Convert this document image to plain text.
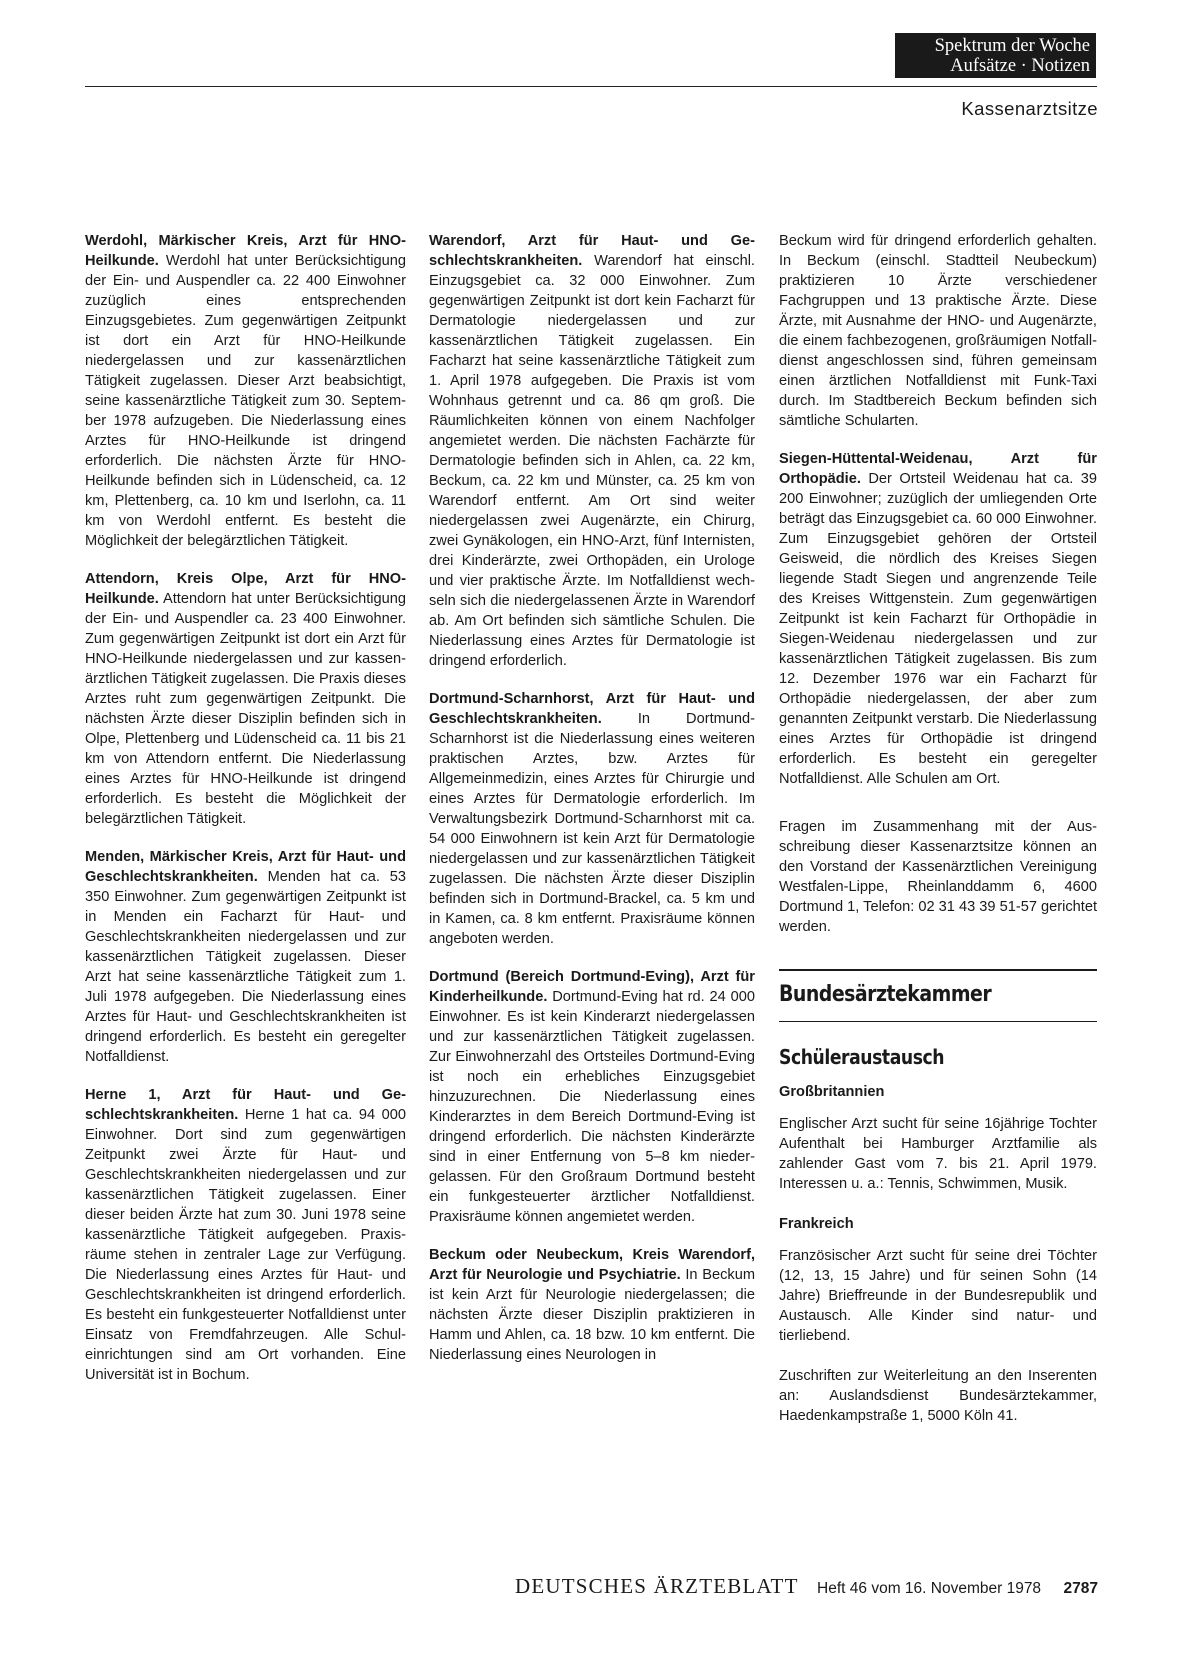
Spektrum der Woche
Aufsätze · Notizen
Kassenarztsitze

Werdohl, Märkischer Kreis, Arzt für HNO-Heilkunde. Werdohl hat unter Berücksichtigung der Ein- und Auspendler ca. 22 400 Einwohner zuzüglich eines entsprechenden Einzugsgebietes. Zum gegenwärtigen Zeitpunkt ist dort ein Arzt für HNO-Heilkunde niedergelassen und zur kassenärztlichen Tätigkeit zugelassen. Dieser Arzt beabsichtigt, seine kassenärztliche Tätigkeit zum 30. September 1978 aufzugeben. Die Niederlassung eines Arztes für HNO-Heilkunde ist dringend erforderlich. Die nächsten Ärzte für HNO-Heilkunde befinden sich in Lüdenscheid, ca. 12 km, Plettenberg, ca. 10 km und Iserlohn, ca. 11 km von Werdohl entfernt. Es besteht die Möglichkeit der belegärztlichen Tätigkeit.

Attendorn, Kreis Olpe, Arzt für HNO-Heilkunde. Attendorn hat unter Berücksichtigung der Ein- und Auspendler ca. 23 400 Einwohner. Zum gegenwärtigen Zeitpunkt ist dort ein Arzt für HNO-Heilkunde niedergelassen und zur kassenärztlichen Tätigkeit zugelassen. Die Praxis dieses Arztes ruht zum gegenwärtigen Zeitpunkt. Die nächsten Ärzte dieser Disziplin befinden sich in Olpe, Plettenberg und Lüdenscheid ca. 11 bis 21 km von Attendorn entfernt. Die Niederlassung eines Arztes für HNO-Heilkunde ist dringend erforderlich. Es besteht die Möglichkeit der belegärztlichen Tätigkeit.

Menden, Märkischer Kreis, Arzt für Haut- und Geschlechtskrankheiten. Menden hat ca. 53 350 Einwohner. Zum gegenwärtigen Zeitpunkt ist in Menden ein Facharzt für Haut- und Geschlechtskrankheiten niedergelassen und zur kassenärztlichen Tätigkeit zugelassen. Dieser Arzt hat seine kassenärztliche Tätigkeit zum 1. Juli 1978 aufgegeben. Die Niederlassung eines Arztes für Haut- und Geschlechtskrankheiten ist dringend erforderlich. Es besteht ein geregelter Notfalldienst.

Herne 1, Arzt für Haut- und Geschlechtskrankheiten. Herne 1 hat ca. 94 000 Einwohner. Dort sind zum gegenwärtigen Zeitpunkt zwei Ärzte für Haut- und Geschlechtskrankheiten niedergelassen und zur kassenärztlichen Tätigkeit zugelassen. Einer dieser beiden Ärzte hat zum 30. Juni 1978 seine kassenärztliche Tätigkeit aufgegeben. Praxisräume stehen in zentraler Lage zur Verfügung. Die Niederlassung eines Arztes für Haut- und Geschlechtskrankheiten ist dringend erforderlich. Es besteht ein funkgesteuerter Notfalldienst unter Einsatz von Fremdfahrzeugen. Alle Schuleinrichtungen sind am Ort vorhanden. Eine Universität ist in Bochum.

Warendorf, Arzt für Haut- und Geschlechtskrankheiten. Warendorf hat einschl. Einzugsgebiet ca. 32 000 Einwohner. Zum gegenwärtigen Zeitpunkt ist dort kein Facharzt für Dermatologie niedergelassen und zur kassenärztlichen Tätigkeit zugelassen. Ein Facharzt hat seine kassenärztliche Tätigkeit zum 1. April 1978 aufgegeben. Die Praxis ist vom Wohnhaus getrennt und ca. 86 qm groß. Die Räumlichkeiten können von einem Nachfolger angemietet werden. Die nächsten Fachärzte für Dermatologie befinden sich in Ahlen, ca. 22 km, Beckum, ca. 22 km und Münster, ca. 25 km von Warendorf entfernt. Am Ort sind weiter niedergelassen zwei Augenärzte, ein Chirurg, zwei Gynäkologen, ein HNO-Arzt, fünf Internisten, drei Kinderärzte, zwei Orthopäden, ein Urologe und vier praktische Ärzte. Im Notfalldienst wechseln sich die niedergelassenen Ärzte in Warendorf ab. Am Ort befinden sich sämtliche Schulen. Die Niederlassung eines Arztes für Dermatologie ist dringend erforderlich.

Dortmund-Scharnhorst, Arzt für Haut- und Geschlechtskrankheiten. In Dortmund-Scharnhorst ist die Niederlassung eines weiteren praktischen Arztes, bzw. Arztes für Allgemeinmedizin, eines Arztes für Chirurgie und eines Arztes für Dermatologie erforderlich. Im Verwaltungsbezirk Dortmund-Scharnhorst mit ca. 54 000 Einwohnern ist kein Arzt für Dermatologie niedergelassen und zur kassenärztlichen Tätigkeit zugelassen. Die nächsten Ärzte dieser Disziplin befinden sich in Dortmund-Brackel, ca. 5 km und in Kamen, ca. 8 km entfernt. Praxisräume können angeboten werden.

Dortmund (Bereich Dortmund-Eving), Arzt für Kinderheilkunde. Dortmund-Eving hat rd. 24 000 Einwohner. Es ist kein Kinderarzt niedergelassen und zur kassenärztlichen Tätigkeit zugelassen. Zur Einwohnerzahl des Ortsteiles Dortmund-Eving ist noch ein erhebliches Einzugsgebiet hinzuzurechnen. Die Niederlassung eines Kinderarztes in dem Bereich Dortmund-Eving ist dringend erforderlich. Die nächsten Kinderärzte sind in einer Entfernung von 5–8 km niedergelassen. Für den Großraum Dortmund besteht ein funkgesteuerter ärztlicher Notfalldienst. Praxisräume können angemietet werden.

Beckum oder Neubeckum, Kreis Warendorf, Arzt für Neurologie und Psychiatrie. In Beckum ist kein Arzt für Neurologie niedergelassen; die nächsten Ärzte dieser Disziplin praktizieren in Hamm und Ahlen, ca. 18 bzw. 10 km entfernt. Die Niederlassung eines Neurologen in

Beckum wird für dringend erforderlich gehalten. In Beckum (einschl. Stadtteil Neubeckum) praktizieren 10 Ärzte verschiedener Fachgruppen und 13 praktische Ärzte. Diese Ärzte, mit Ausnahme der HNO- und Augenärzte, die einem fachbezogenen, großräumigen Notfalldienst angeschlossen sind, führen gemeinsam einen ärztlichen Notfalldienst mit Funk-Taxi durch. Im Stadtbereich Beckum befinden sich sämtliche Schularten.

Siegen-Hüttental-Weidenau, Arzt für Orthopädie. Der Ortsteil Weidenau hat ca. 39 200 Einwohner; zuzüglich der umliegenden Orte beträgt das Einzugsgebiet ca. 60 000 Einwohner. Zum Einzugsgebiet gehören der Ortsteil Geisweid, die nördlich des Kreises Siegen liegende Stadt Siegen und angrenzende Teile des Kreises Wittgenstein. Zum gegenwärtigen Zeitpunkt ist kein Facharzt für Orthopädie in Siegen-Weidenau niedergelassen und zur kassenärztlichen Tätigkeit zugelassen. Bis zum 12. Dezember 1976 war ein Facharzt für Orthopädie niedergelassen, der aber zum genannten Zeitpunkt verstarb. Die Niederlassung eines Arztes für Orthopädie ist dringend erforderlich. Es besteht ein geregelter Notfalldienst. Alle Schulen am Ort.

Fragen im Zusammenhang mit der Ausschreibung dieser Kassenarztsitze können an den Vorstand der Kassenärztlichen Vereinigung Westfalen-Lippe, Rheinlanddamm 6, 4600 Dortmund 1, Telefon: 02 31 43 39 51-57 gerichtet werden.

Bundesärztekammer
Schüleraustausch
Großbritannien

Englischer Arzt sucht für seine 16jährige Tochter Aufenthalt bei Hamburger Arztfamilie als zahlender Gast vom 7. bis 21. April 1979. Interessen u. a.: Tennis, Schwimmen, Musik.

Frankreich

Französischer Arzt sucht für seine drei Töchter (12, 13, 15 Jahre) und für seinen Sohn (14 Jahre) Brieffreunde in der Bundesrepublik und Austausch. Alle Kinder sind natur- und tierliebend.

Zuschriften zur Weiterleitung an den Inserenten an: Auslandsdienst Bundesärztekammer, Haedenkampstraße 1, 5000 Köln 41.

DEUTSCHES ÄRZTEBLATT Heft 46 vom 16. November 1978 2787
